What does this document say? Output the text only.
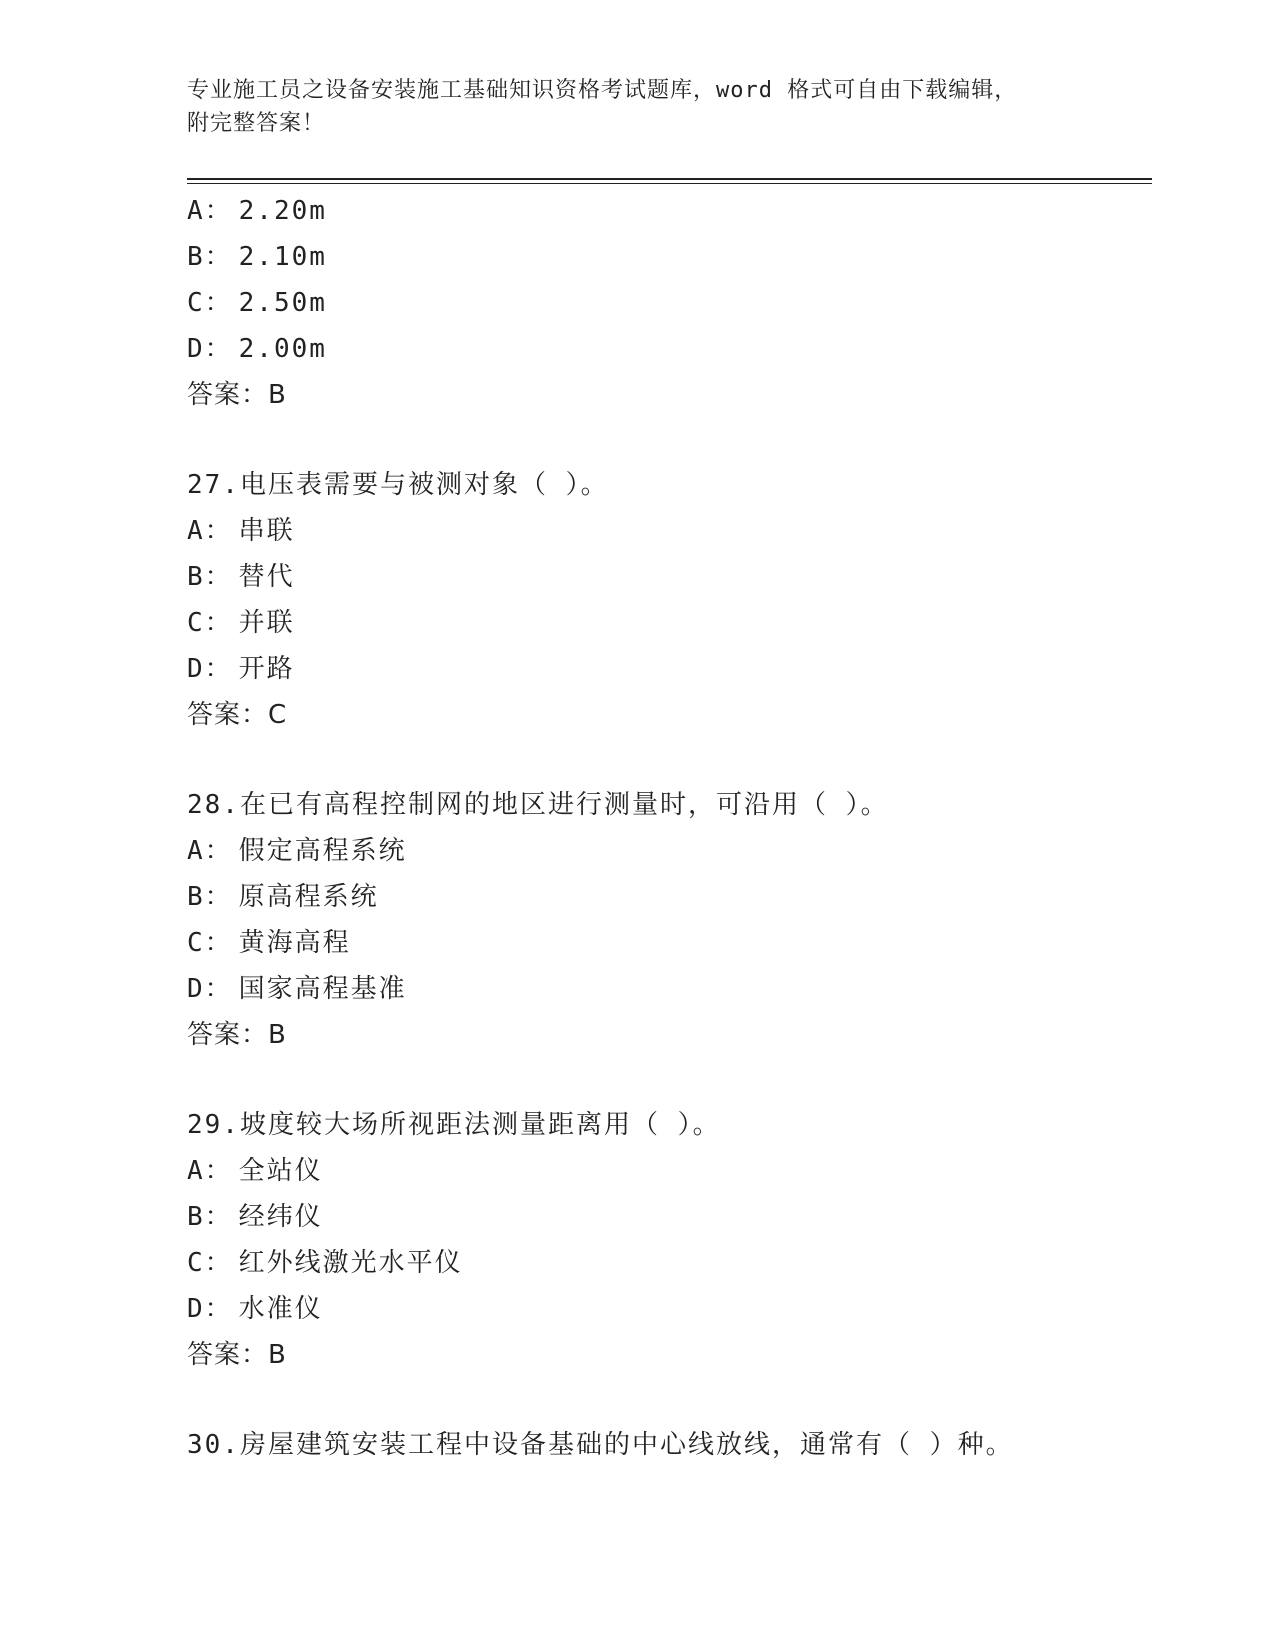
专业施工员之设备安装施工基础知识资格考试题库，word 格式可自由下载编辑，
附完整答案！
A： 2.20m
B： 2.10m
C： 2.50m
D： 2.00m
答案：B
27.电压表需要与被测对象（ ）。
A： 串联
B： 替代
C： 并联
D： 开路
答案：C
28.在已有高程控制网的地区进行测量时，可沿用（ ）。
A： 假定高程系统
B： 原高程系统
C： 黄海高程
D： 国家高程基准
答案：B
29.坡度较大场所视距法测量距离用（ ）。
A： 全站仪
B： 经纬仪
C： 红外线激光水平仪
D： 水准仪
答案：B
30.房屋建筑安装工程中设备基础的中心线放线，通常有（ ）种。
